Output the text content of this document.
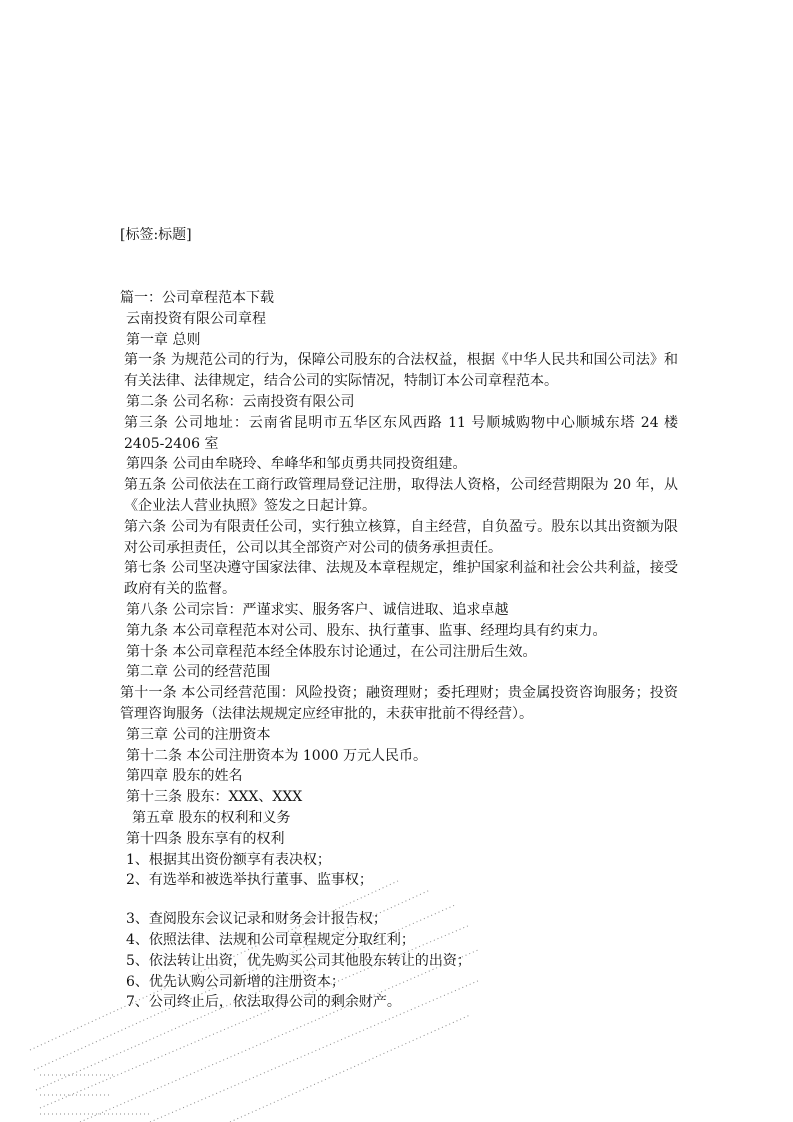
[标签:标题]
篇一：公司章程范本下载
云南投资有限公司章程
第一章 总则
第一条 为规范公司的行为，保障公司股东的合法权益，根据《中华人民共和国公司法》和有关法律、法律规定，结合公司的实际情况，特制订本公司章程范本。
第二条 公司名称：云南投资有限公司
第三条 公司地址：云南省昆明市五华区东风西路 11 号顺城购物中心顺城东塔 24 楼 2405-2406 室
第四条 公司由牟晓玲、牟峰华和邹贞勇共同投资组建。
第五条 公司依法在工商行政管理局登记注册，取得法人资格，公司经营期限为 20 年，从《企业法人营业执照》签发之日起计算。
第六条 公司为有限责任公司，实行独立核算，自主经营，自负盈亏。股东以其出资额为限对公司承担责任，公司以其全部资产对公司的债务承担责任。
第七条 公司坚决遵守国家法律、法规及本章程规定，维护国家利益和社会公共利益，接受政府有关的监督。
第八条 公司宗旨：严谨求实、服务客户、诚信进取、追求卓越
第九条 本公司章程范本对公司、股东、执行董事、监事、经理均具有约束力。
第十条 本公司章程范本经全体股东讨论通过，在公司注册后生效。
第二章 公司的经营范围
第十一条 本公司经营范围：风险投资；融资理财；委托理财；贵金属投资咨询服务；投资管理咨询服务（法律法规规定应经审批的，未获审批前不得经营）。
第三章 公司的注册资本
第十二条 本公司注册资本为 1000 万元人民币。
第四章 股东的姓名
第十三条 股东：XXX、XXX
第五章 股东的权利和义务
第十四条 股东享有的权利
1、根据其出资份额享有表决权；
2、有选举和被选举执行董事、监事权；
3、查阅股东会议记录和财务会计报告权；
4、依照法律、法规和公司章程规定分取红利；
5、依法转让出资，优先购买公司其他股东转让的出资；
6、优先认购公司新增的注册资本；
7、公司终止后，依法取得公司的剩余财产。
